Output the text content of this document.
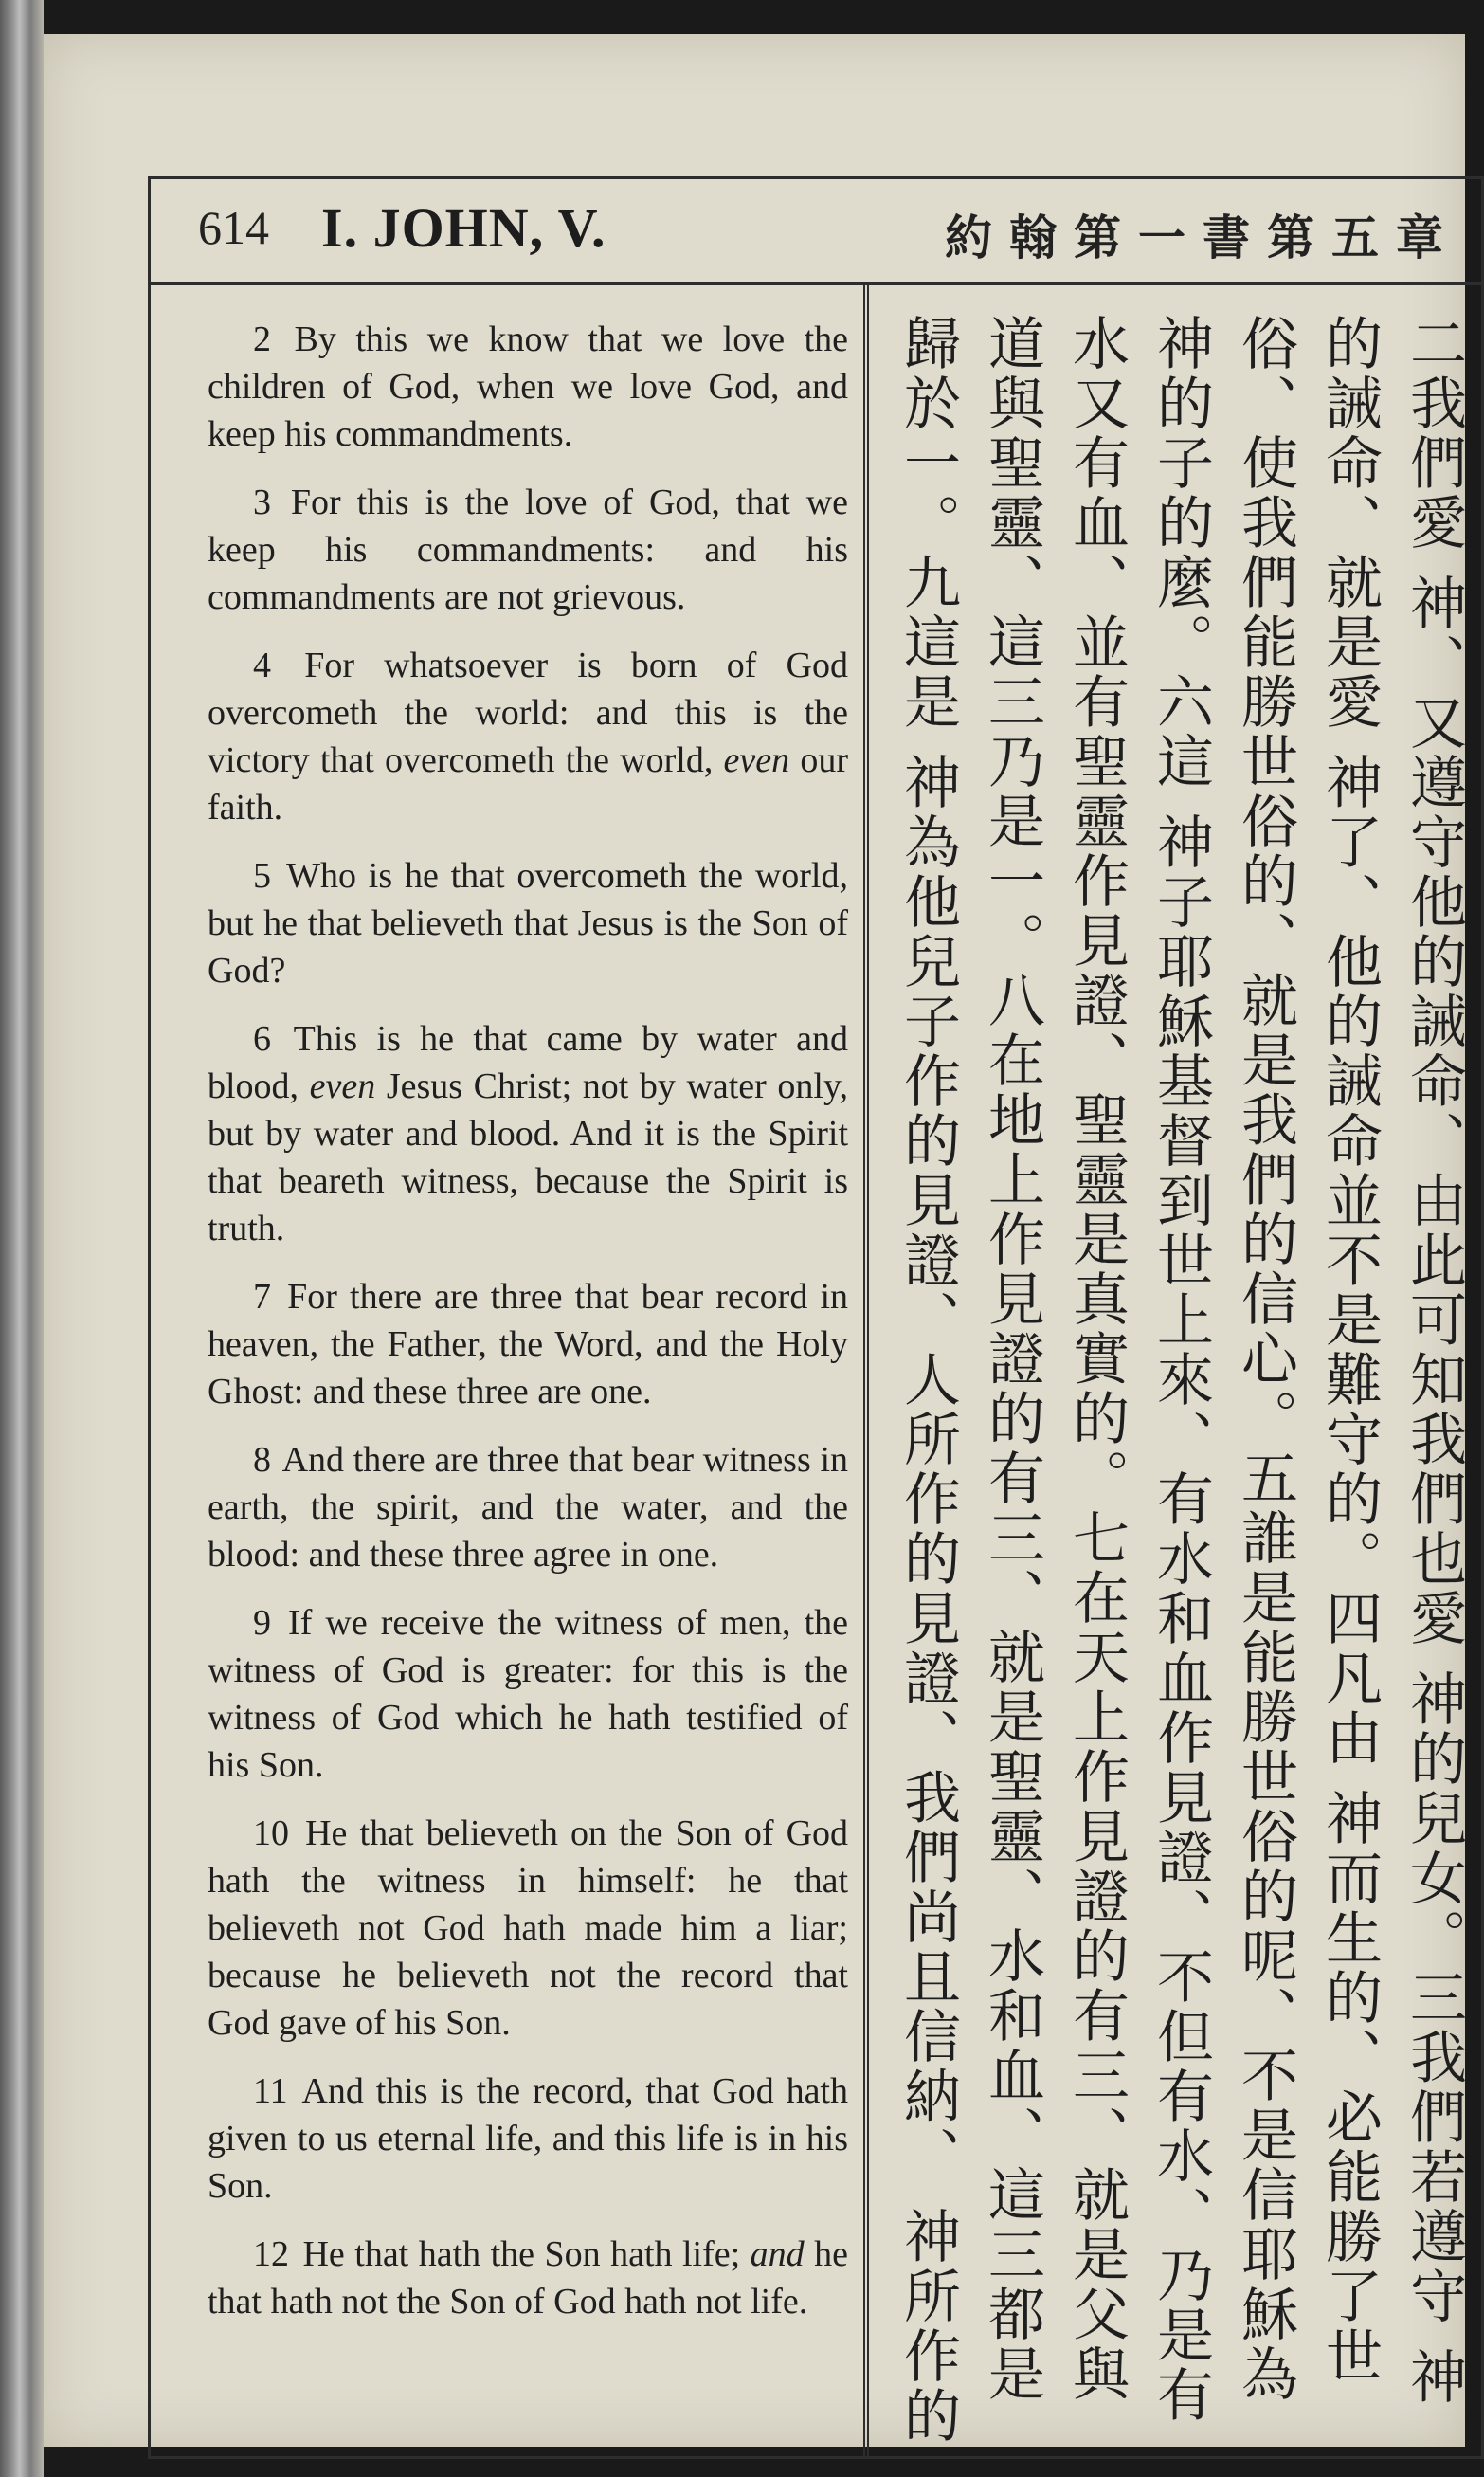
614 I. JOHN, V.	約翰第一書第五章

2 By this we know that we love the children of God, when we love God, and keep his commandments.

3 For this is the love of God, that we keep his commandments: and his commandments are not grievous.

4 For whatsoever is born of God overcometh the world: and this is the victory that overcometh the world, even our faith.

5 Who is he that overcometh the world, but he that believeth that Jesus is the Son of God?

6 This is he that came by water and blood, even Jesus Christ; not by water only, but by water and blood. And it is the Spirit that beareth witness, because the Spirit is truth.

7 For there are three that bear record in heaven, the Father, the Word, and the Holy Ghost: and these three are one.

8 And there are three that bear witness in earth, the spirit, and the water, and the blood: and these three agree in one.

9 If we receive the witness of men, the witness of God is greater: for this is the witness of God which he hath testified of his Son.

10 He that believeth on the Son of God hath the witness in himself: he that believeth not God hath made him a liar; because he believeth not the record that God gave of his Son.

11 And this is the record, that God hath given to us eternal life, and this life is in his Son.

12 He that hath the Son hath life; and he that hath not the Son of God hath not life.

二我們愛 神、又遵守他的誡命、由此可知我們也愛 神的兒女。三我們若遵守 神的誡命、就是愛 神了、他的誡命並不是難守的。四凡由 神而生的、必能勝了世俗、使我們能勝世俗的、就是我們的信心。五誰是能勝世俗的呢、不是信耶穌為 神的子的麼。六這 神子耶穌基督到世上來、有水和血作見證、不但有水、乃是有水又有血、並有聖靈作見證、聖靈是真實的。七在天上作見證的有三、就是父與道與聖靈、這三乃是一。八在地上作見證的有三、就是聖靈、水和血、這三都是歸於一。九這是 神為他兒子作的見證、人所作的見證、我們尚且信納、 神所作的
